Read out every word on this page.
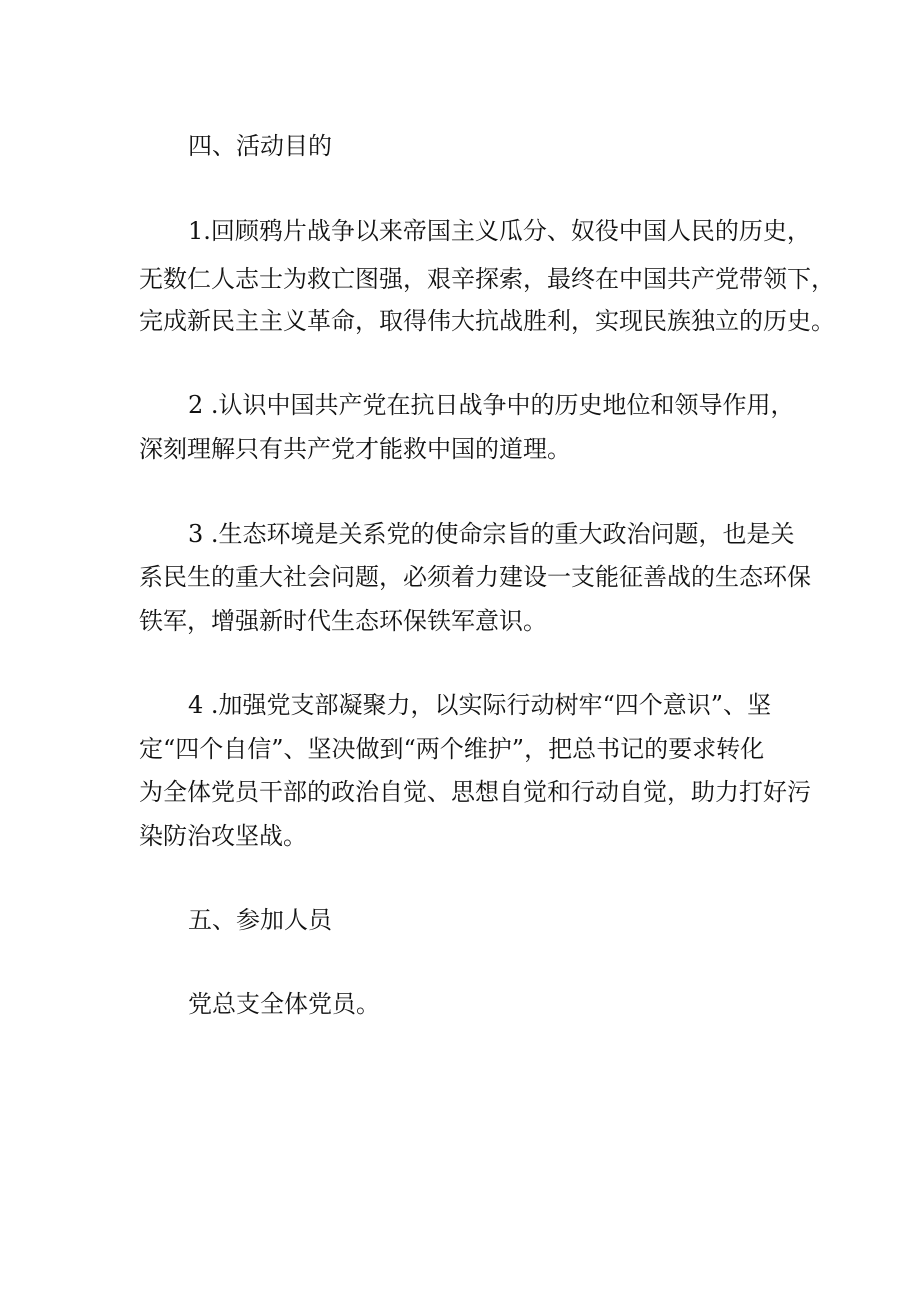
四、活动目的
1.回顾鸦片战争以来帝国主义瓜分、奴役中国人民的历史，
无数仁人志士为救亡图强，艰辛探索，最终在中国共产党带领下，
完成新民主主义革命，取得伟大抗战胜利，实现民族独立的历史。
2 .认识中国共产党在抗日战争中的历史地位和领导作用，
深刻理解只有共产党才能救中国的道理。
3 .生态环境是关系党的使命宗旨的重大政治问题，也是关
系民生的重大社会问题，必须着力建设一支能征善战的生态环保
铁军，增强新时代生态环保铁军意识。
4 .加强党支部凝聚力，以实际行动树牢“四个意识”、坚
定“四个自信”、坚决做到“两个维护”，把总书记的要求转化
为全体党员干部的政治自觉、思想自觉和行动自觉，助力打好污
染防治攻坚战。
五、参加人员
党总支全体党员。
